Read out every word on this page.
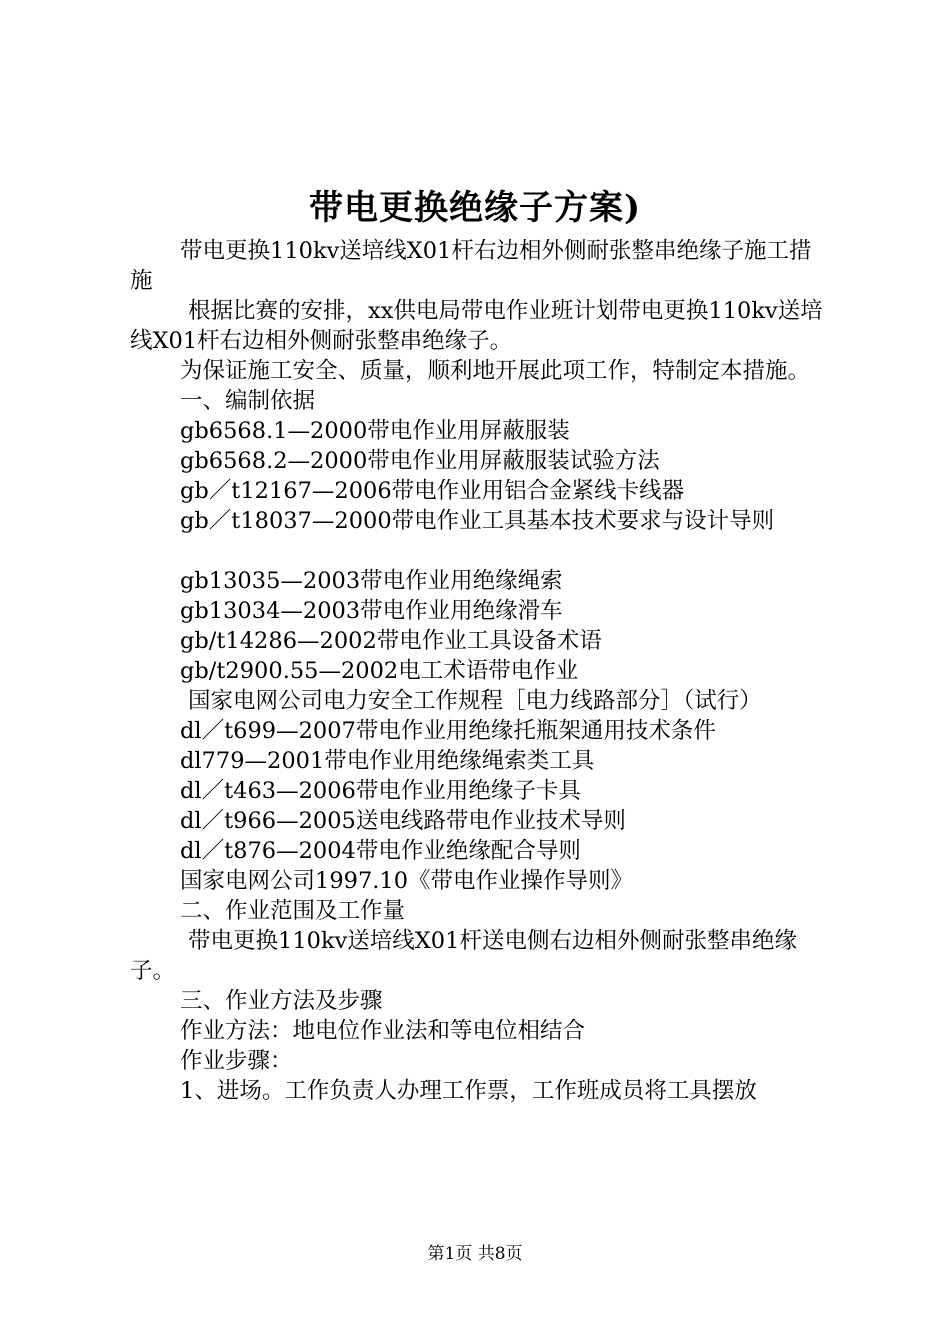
带电更换绝缘子方案)

带电更换110kv送培线X01杆右边相外侧耐张整串绝缘子施工措施

根据比赛的安排，xx供电局带电作业班计划带电更换110kv送培线X01杆右边相外侧耐张整串绝缘子。

为保证施工安全、质量，顺利地开展此项工作，特制定本措施。

一、编制依据

gb6568.1—2000带电作业用屏蔽服装

gb6568.2—2000带电作业用屏蔽服装试验方法

gb／t12167—2006带电作业用铝合金紧线卡线器

gb／t18037—2000带电作业工具基本技术要求与设计导则

gb13035—2003带电作业用绝缘绳索

gb13034—2003带电作业用绝缘滑车

gb/t14286—2002带电作业工具设备术语

gb/t2900.55—2002电工术语带电作业

国家电网公司电力安全工作规程［电力线路部分］（试行）

dl／t699—2007带电作业用绝缘托瓶架通用技术条件

dl779—2001带电作业用绝缘绳索类工具

dl／t463—2006带电作业用绝缘子卡具

dl／t966—2005送电线路带电作业技术导则

dl／t876—2004带电作业绝缘配合导则

国家电网公司1997.10《带电作业操作导则》

二、作业范围及工作量

带电更换110kv送培线X01杆送电侧右边相外侧耐张整串绝缘子。

三、作业方法及步骤

作业方法：地电位作业法和等电位相结合

作业步骤：

1、进场。工作负责人办理工作票，工作班成员将工具摆放

第1页 共8页
